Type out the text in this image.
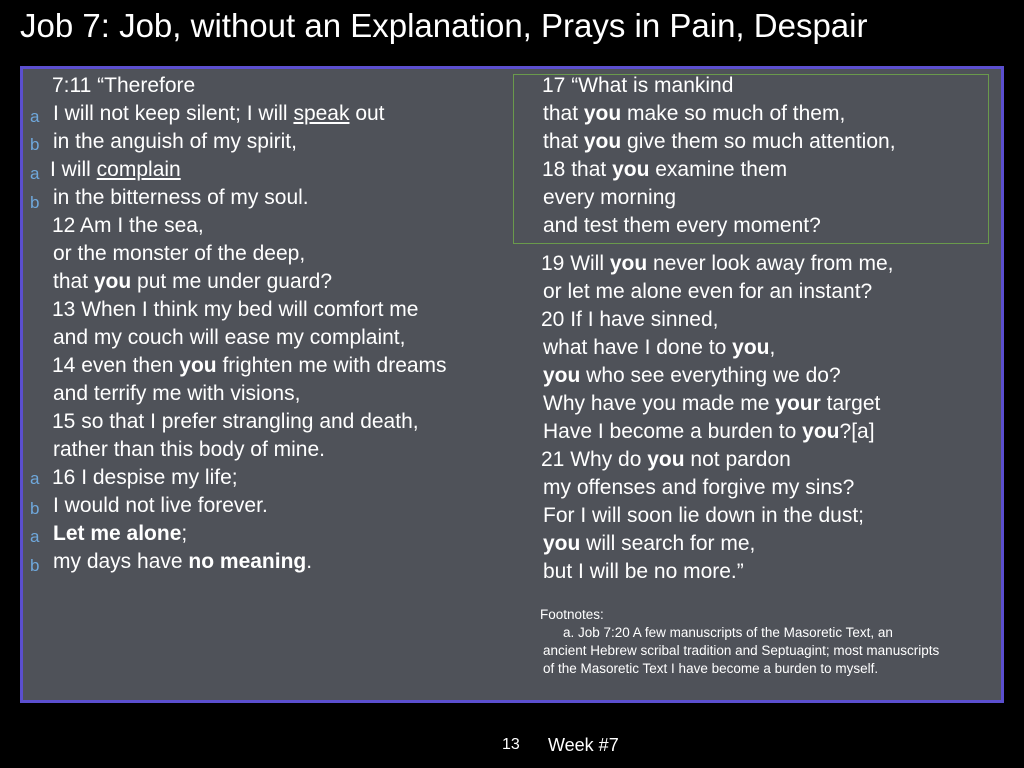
Job 7: Job, without an Explanation, Prays in Pain, Despair
a
b
a
b
a
b
a
b
7:11 “Therefore
I will not keep silent; I will speak out
in the anguish of my spirit,
I will complain
in the bitterness of my soul.
12 Am I the sea,
or the monster of the deep,
that you put me under guard?
13 When I think my bed will comfort me
and my couch will ease my complaint,
14 even then you frighten me with dreams
and terrify me with visions,
15 so that I prefer strangling and death,
rather than this body of mine.
16 I despise my life;
I would not live forever.
Let me alone;
my days have no meaning.
17 “What is mankind
that you make so much of them,
that you give them so much attention,
18 that you examine them
every morning
and test them every moment?
19 Will you never look away from me,
or let me alone even for an instant?
20 If I have sinned,
what have I done to you,
you who see everything we do?
Why have you made me your target
Have I become a burden to you?[a]
21 Why do you not pardon
my offenses and forgive my sins?
For I will soon lie down in the dust;
you will search for me,
but I will be no more.”
Footnotes:
a. Job 7:20 A few manuscripts of the Masoretic Text, an
ancient Hebrew scribal tradition and Septuagint; most manuscripts
of the Masoretic Text I have become a burden to myself.
13 Week #7
